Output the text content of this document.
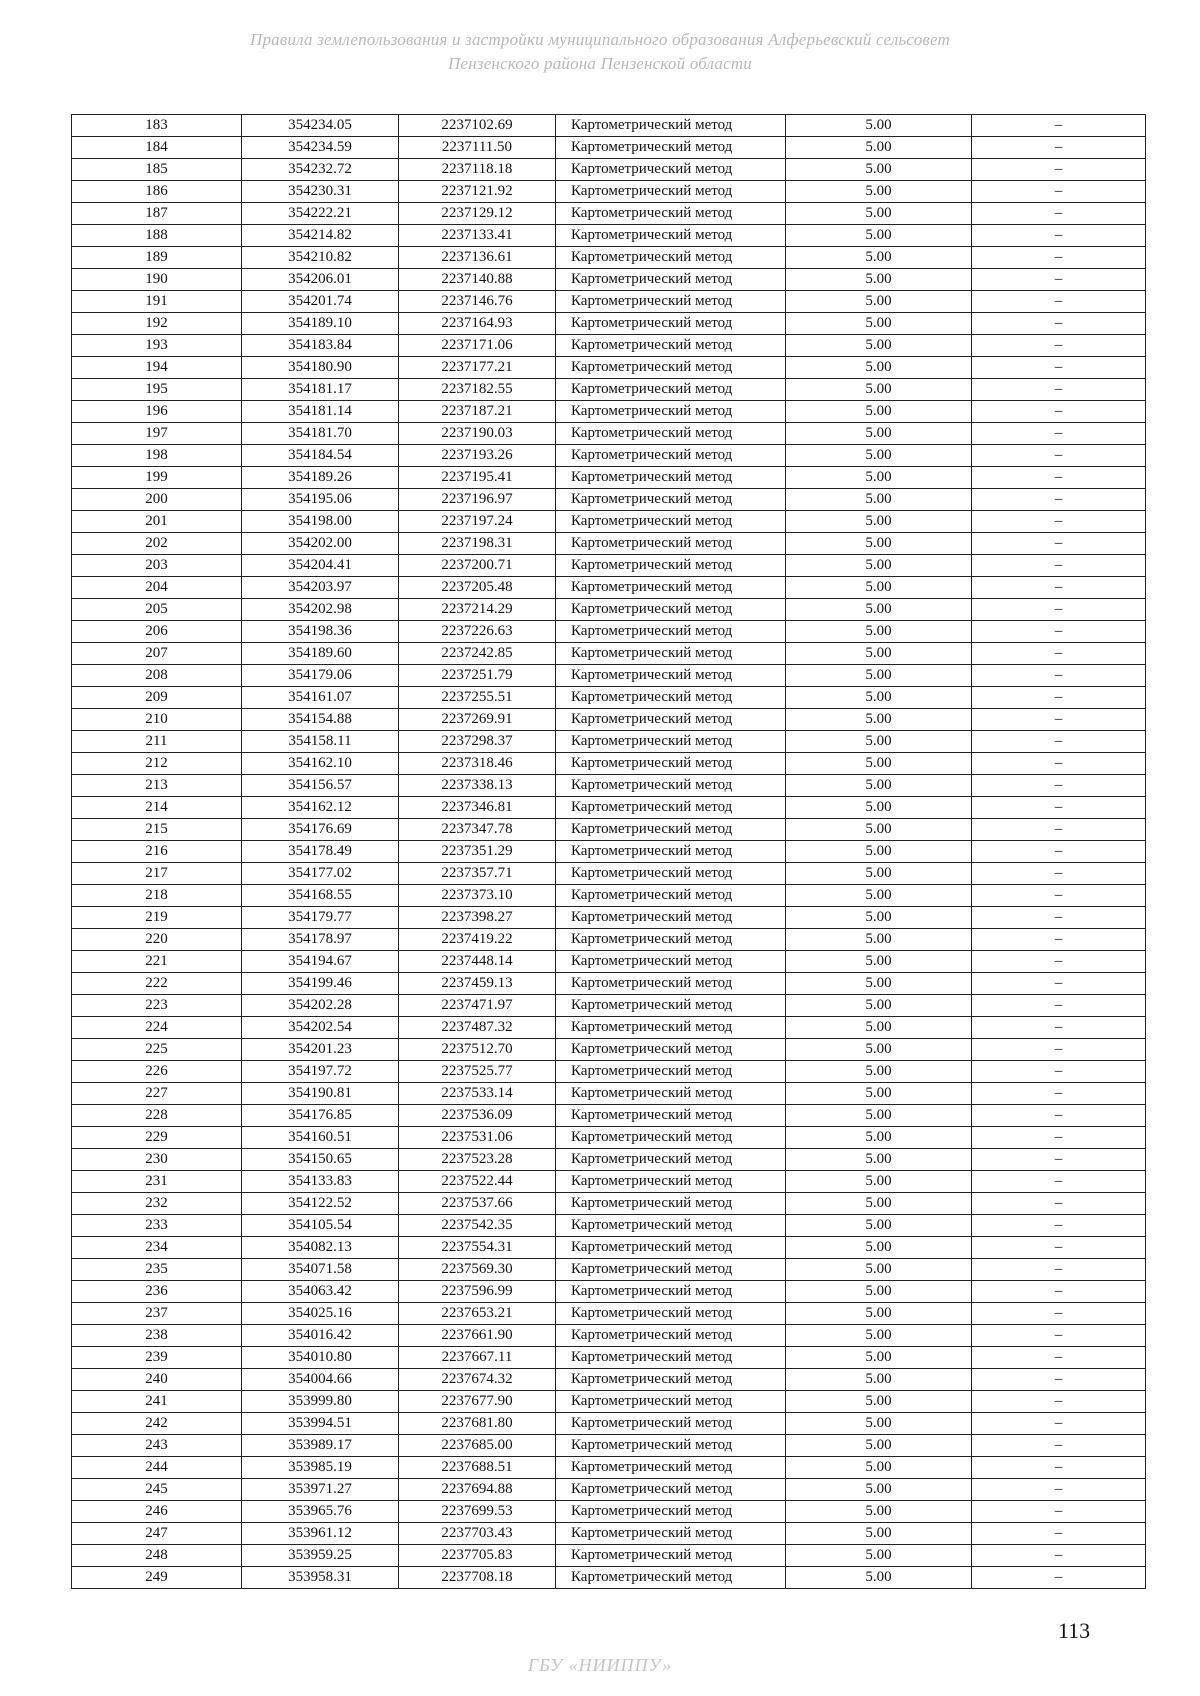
Правила землепользования и застройки муниципального образования Алферьевский сельсовет
Пензенского района Пензенской области
183	354234.05	2237102.69	Картометрический метод	5.00	–
184	354234.59	2237111.50	Картометрический метод	5.00	–
185	354232.72	2237118.18	Картометрический метод	5.00	–
186	354230.31	2237121.92	Картометрический метод	5.00	–
187	354222.21	2237129.12	Картометрический метод	5.00	–
188	354214.82	2237133.41	Картометрический метод	5.00	–
189	354210.82	2237136.61	Картометрический метод	5.00	–
190	354206.01	2237140.88	Картометрический метод	5.00	–
191	354201.74	2237146.76	Картометрический метод	5.00	–
192	354189.10	2237164.93	Картометрический метод	5.00	–
193	354183.84	2237171.06	Картометрический метод	5.00	–
194	354180.90	2237177.21	Картометрический метод	5.00	–
195	354181.17	2237182.55	Картометрический метод	5.00	–
196	354181.14	2237187.21	Картометрический метод	5.00	–
197	354181.70	2237190.03	Картометрический метод	5.00	–
198	354184.54	2237193.26	Картометрический метод	5.00	–
199	354189.26	2237195.41	Картометрический метод	5.00	–
200	354195.06	2237196.97	Картометрический метод	5.00	–
201	354198.00	2237197.24	Картометрический метод	5.00	–
202	354202.00	2237198.31	Картометрический метод	5.00	–
203	354204.41	2237200.71	Картометрический метод	5.00	–
204	354203.97	2237205.48	Картометрический метод	5.00	–
205	354202.98	2237214.29	Картометрический метод	5.00	–
206	354198.36	2237226.63	Картометрический метод	5.00	–
207	354189.60	2237242.85	Картометрический метод	5.00	–
208	354179.06	2237251.79	Картометрический метод	5.00	–
209	354161.07	2237255.51	Картометрический метод	5.00	–
210	354154.88	2237269.91	Картометрический метод	5.00	–
211	354158.11	2237298.37	Картометрический метод	5.00	–
212	354162.10	2237318.46	Картометрический метод	5.00	–
213	354156.57	2237338.13	Картометрический метод	5.00	–
214	354162.12	2237346.81	Картометрический метод	5.00	–
215	354176.69	2237347.78	Картометрический метод	5.00	–
216	354178.49	2237351.29	Картометрический метод	5.00	–
217	354177.02	2237357.71	Картометрический метод	5.00	–
218	354168.55	2237373.10	Картометрический метод	5.00	–
219	354179.77	2237398.27	Картометрический метод	5.00	–
220	354178.97	2237419.22	Картометрический метод	5.00	–
221	354194.67	2237448.14	Картометрический метод	5.00	–
222	354199.46	2237459.13	Картометрический метод	5.00	–
223	354202.28	2237471.97	Картометрический метод	5.00	–
224	354202.54	2237487.32	Картометрический метод	5.00	–
225	354201.23	2237512.70	Картометрический метод	5.00	–
226	354197.72	2237525.77	Картометрический метод	5.00	–
227	354190.81	2237533.14	Картометрический метод	5.00	–
228	354176.85	2237536.09	Картометрический метод	5.00	–
229	354160.51	2237531.06	Картометрический метод	5.00	–
230	354150.65	2237523.28	Картометрический метод	5.00	–
231	354133.83	2237522.44	Картометрический метод	5.00	–
232	354122.52	2237537.66	Картометрический метод	5.00	–
233	354105.54	2237542.35	Картометрический метод	5.00	–
234	354082.13	2237554.31	Картометрический метод	5.00	–
235	354071.58	2237569.30	Картометрический метод	5.00	–
236	354063.42	2237596.99	Картометрический метод	5.00	–
237	354025.16	2237653.21	Картометрический метод	5.00	–
238	354016.42	2237661.90	Картометрический метод	5.00	–
239	354010.80	2237667.11	Картометрический метод	5.00	–
240	354004.66	2237674.32	Картометрический метод	5.00	–
241	353999.80	2237677.90	Картометрический метод	5.00	–
242	353994.51	2237681.80	Картометрический метод	5.00	–
243	353989.17	2237685.00	Картометрический метод	5.00	–
244	353985.19	2237688.51	Картометрический метод	5.00	–
245	353971.27	2237694.88	Картометрический метод	5.00	–
246	353965.76	2237699.53	Картометрический метод	5.00	–
247	353961.12	2237703.43	Картометрический метод	5.00	–
248	353959.25	2237705.83	Картометрический метод	5.00	–
249	353958.31	2237708.18	Картометрический метод	5.00	–
113
ГБУ «НИИППУ»
